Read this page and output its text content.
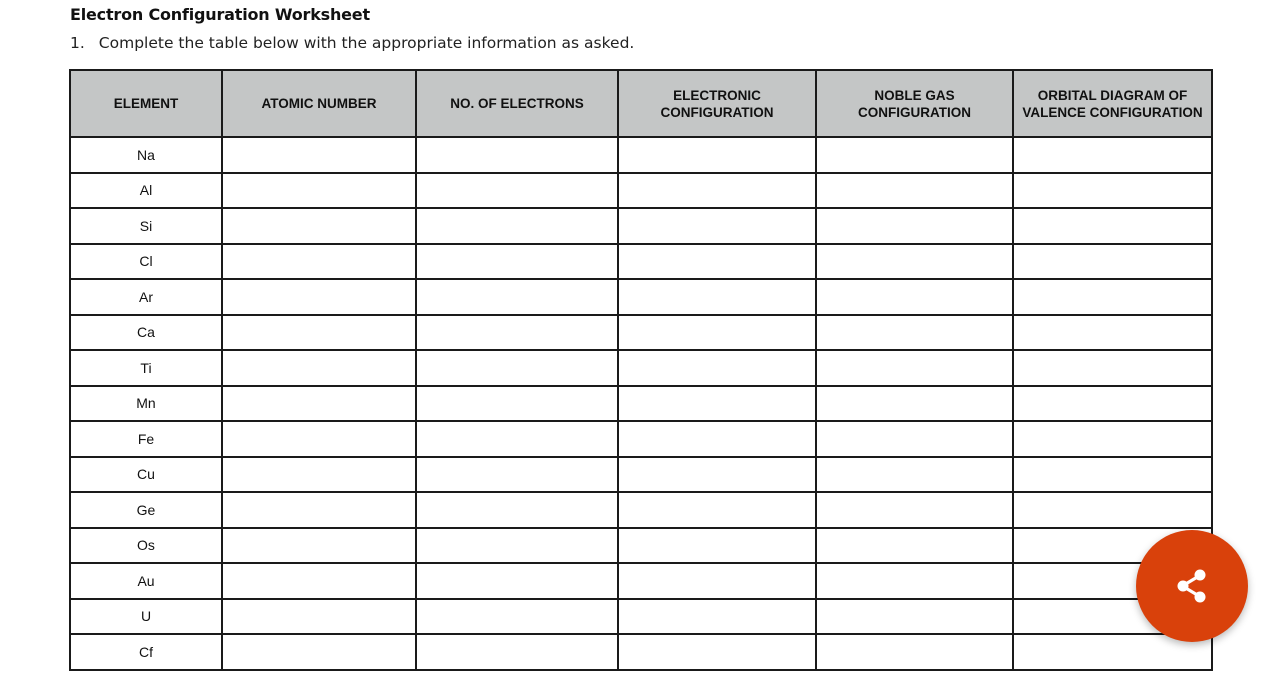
Electron Configuration Worksheet
1. Complete the table below with the appropriate information as asked.
ELEMENT	ATOMIC NUMBER	NO. OF ELECTRONS	ELECTRONIC CONFIGURATION	NOBLE GAS CONFIGURATION	ORBITAL DIAGRAM OF VALENCE CONFIGURATION
Na					
Al					
Si					
Cl					
Ar					
Ca					
Ti					
Mn					
Fe					
Cu					
Ge					
Os					
Au					
U					
Cf					
